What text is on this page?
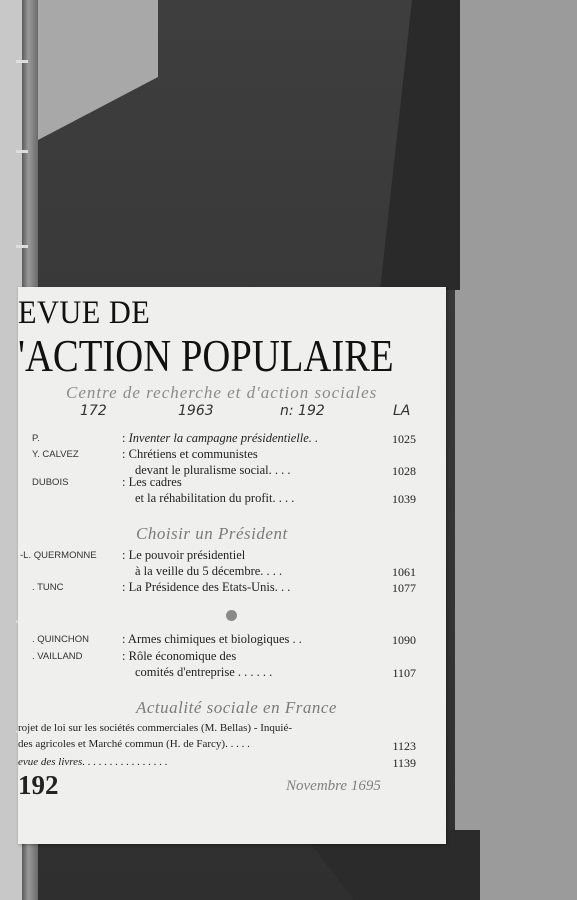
EVUE DE
'ACTION POPULAIRE
Centre de recherche et d'action sociales
172	1963	n: 192	LA
P.	: Inventer la campagne présidentielle. .	1025
Y. CALVEZ	: Chrétiens et communistes
devant le pluralisme social. . . .	1028
DUBOIS	: Les cadres
et la réhabilitation du profit. . . .	1039
Choisir un Président
-L. QUERMONNE : Le pouvoir présidentiel
à la veille du 5 décembre. . . .	1061
. TUNC	: La Présidence des Etats-Unis. . .	1077
. QUINCHON	: Armes chimiques et biologiques . .	1090
. VAILLAND	: Rôle économique des
comités d'entreprise . . . . . .	1107
Actualité sociale en France
rojet de loi sur les sociétés commerciales (M. Bellas) - Inquié-
des agricoles et Marché commun (H. de Farcy). . . . .	1123
evue des livres. . . . . . . . . . . . . . . .	1139
192	Novembre 1695
